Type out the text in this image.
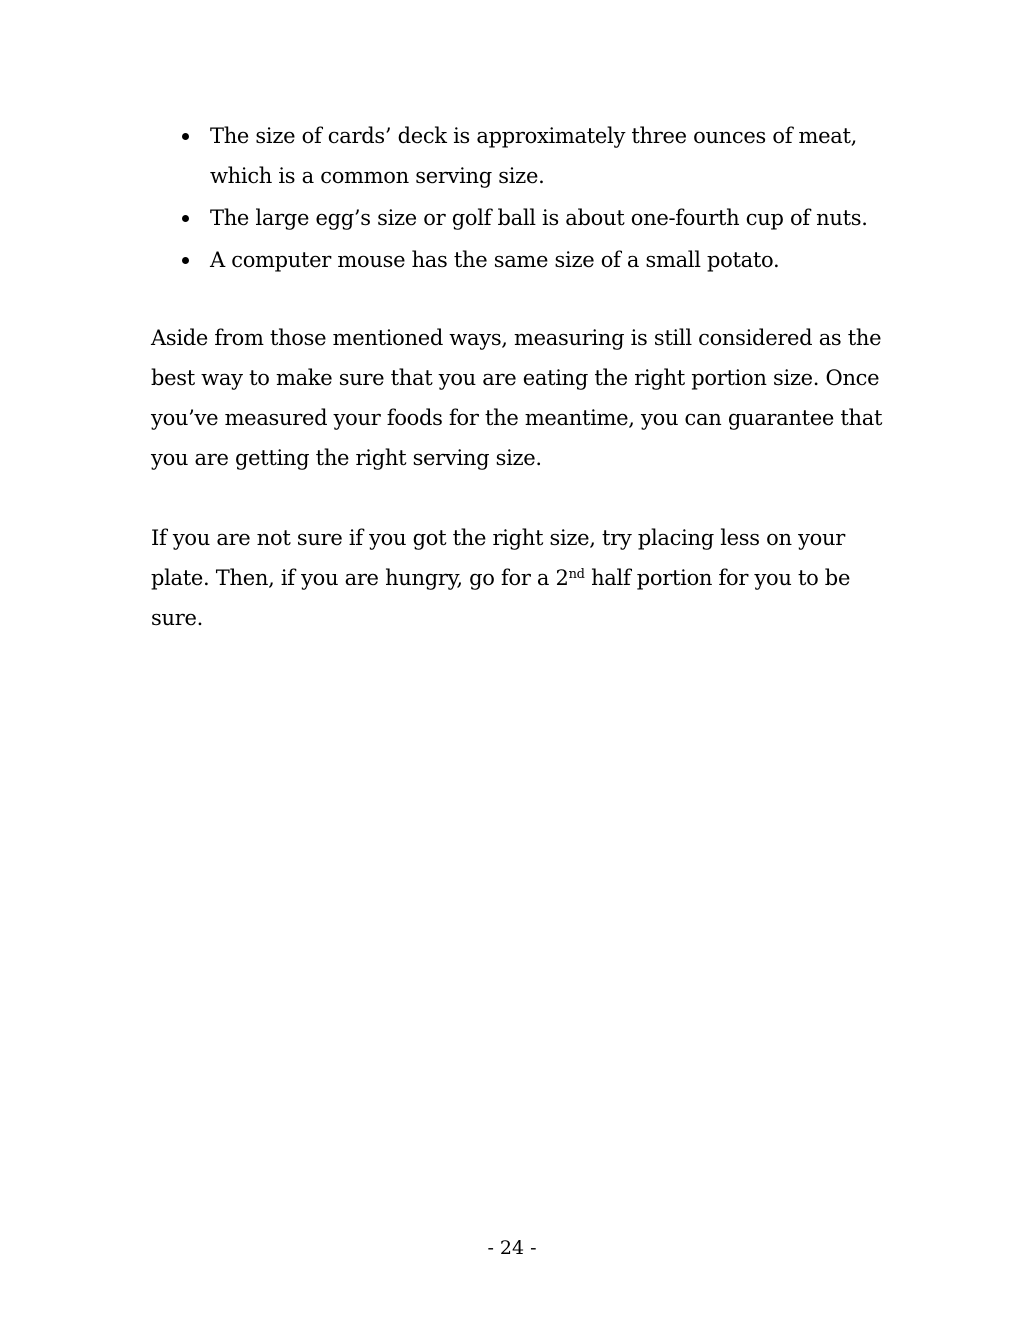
The size of cards’ deck is approximately three ounces of meat, which is a common serving size.
The large egg’s size or golf ball is about one-fourth cup of nuts.
A computer mouse has the same size of a small potato.

Aside from those mentioned ways, measuring is still considered as the best way to make sure that you are eating the right portion size. Once you’ve measured your foods for the meantime, you can guarantee that you are getting the right serving size.

If you are not sure if you got the right size, try placing less on your plate. Then, if you are hungry, go for a 2nd half portion for you to be sure.

- 24 -
